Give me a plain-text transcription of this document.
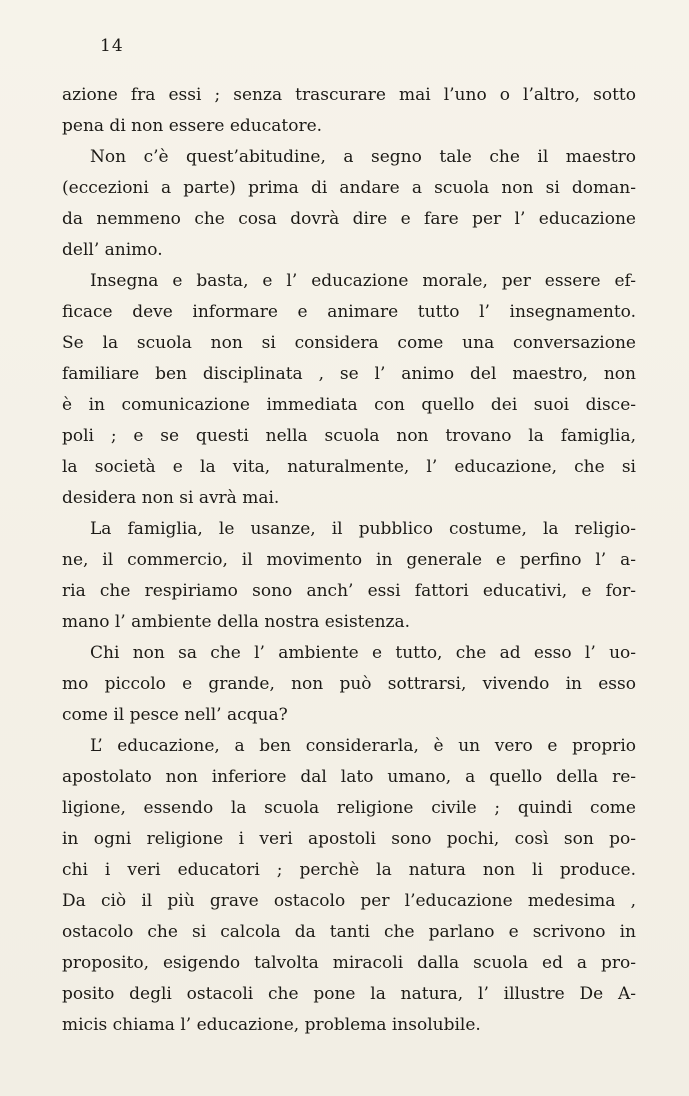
14
azione fra essi ; senza trascurare mai l’uno o l’altro, sotto
pena di non essere educatore.
Non c’è quest’abitudine, a segno tale che il maestro
(eccezioni a parte) prima di andare a scuola non si doman-
da nemmeno che cosa dovrà dire e fare per l’ educazione
dell’ animo.
Insegna e basta, e l’ educazione morale, per essere ef-
ficace deve informare e animare tutto l’ insegnamento.
Se la scuola non si considera come una conversazione
familiare ben disciplinata , se l’ animo del maestro, non
è in comunicazione immediata con quello dei suoi disce-
poli ; e se questi nella scuola non trovano la famiglia,
la società e la vita, naturalmente, l’ educazione, che si
desidera non si avrà mai.
La famiglia, le usanze, il pubblico costume, la religio-
ne, il commercio, il movimento in generale e perfino l’ a-
ria che respiriamo sono anch’ essi fattori educativi, e for-
mano l’ ambiente della nostra esistenza.
Chi non sa che l’ ambiente e tutto, che ad esso l’ uo-
mo piccolo e grande, non può sottrarsi, vivendo in esso
come il pesce nell’ acqua?
L’ educazione, a ben considerarla, è un vero e proprio
apostolato non inferiore dal lato umano, a quello della re-
ligione, essendo la scuola religione civile ; quindi come
in ogni religione i veri apostoli sono pochi, così son po-
chi i veri educatori ; perchè la natura non li produce.
Da ciò il più grave ostacolo per l’educazione medesima ,
ostacolo che si calcola da tanti che parlano e scrivono in
proposito, esigendo talvolta miracoli dalla scuola ed a pro-
posito degli ostacoli che pone la natura, l’ illustre De A-
micis chiama l’ educazione, problema insolubile.
